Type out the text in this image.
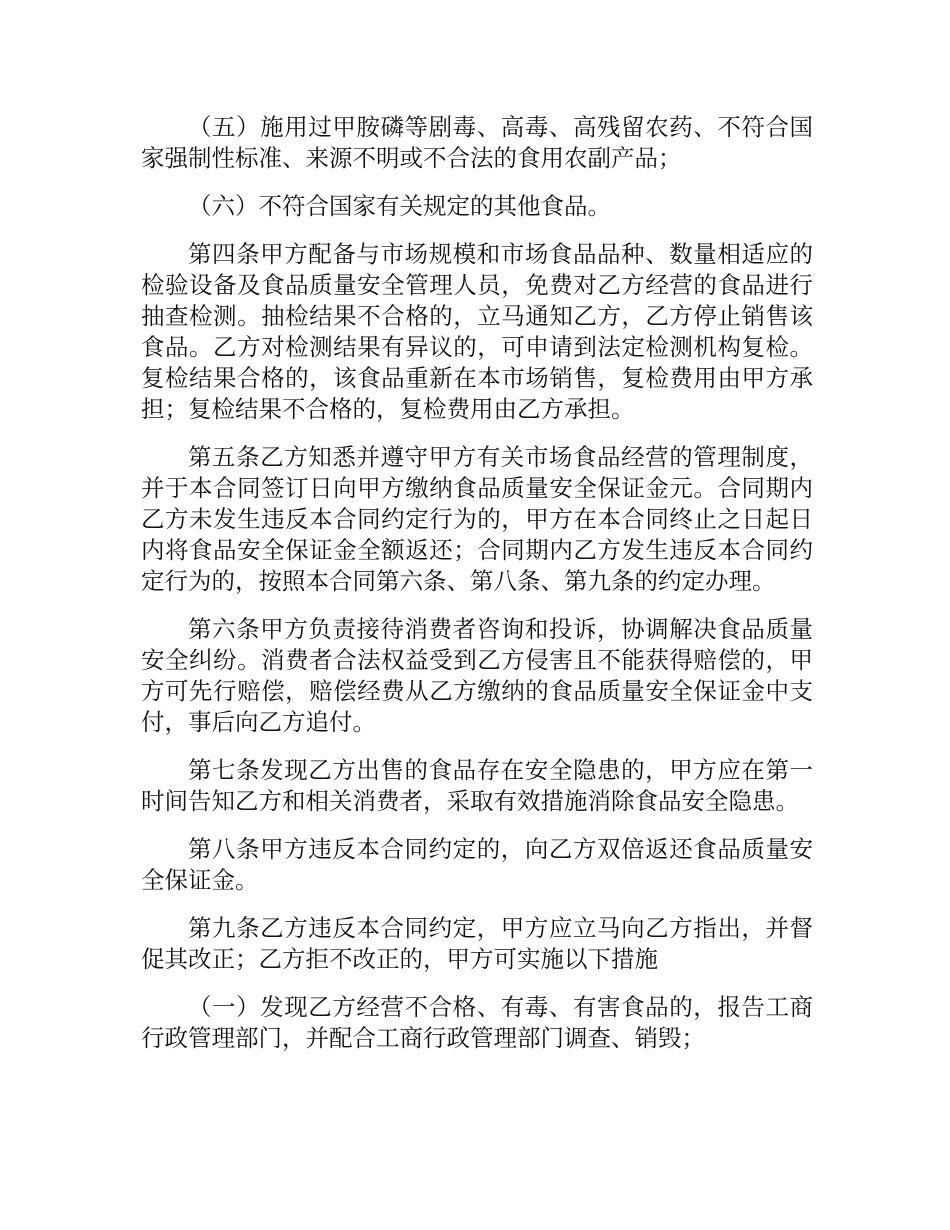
（五）施用过甲胺磷等剧毒、高毒、高残留农药、不符合国家强制性标准、来源不明或不合法的食用农副产品；

（六）不符合国家有关规定的其他食品。

第四条甲方配备与市场规模和市场食品品种、数量相适应的检验设备及食品质量安全管理人员，免费对乙方经营的食品进行抽查检测。抽检结果不合格的，立马通知乙方，乙方停止销售该食品。乙方对检测结果有异议的，可申请到法定检测机构复检。复检结果合格的，该食品重新在本市场销售，复检费用由甲方承担；复检结果不合格的，复检费用由乙方承担。

第五条乙方知悉并遵守甲方有关市场食品经营的管理制度，并于本合同签订日向甲方缴纳食品质量安全保证金元。合同期内乙方未发生违反本合同约定行为的，甲方在本合同终止之日起日内将食品安全保证金全额返还；合同期内乙方发生违反本合同约定行为的，按照本合同第六条、第八条、第九条的约定办理。

第六条甲方负责接待消费者咨询和投诉，协调解决食品质量安全纠纷。消费者合法权益受到乙方侵害且不能获得赔偿的，甲方可先行赔偿，赔偿经费从乙方缴纳的食品质量安全保证金中支付，事后向乙方追付。

第七条发现乙方出售的食品存在安全隐患的，甲方应在第一时间告知乙方和相关消费者，采取有效措施消除食品安全隐患。

第八条甲方违反本合同约定的，向乙方双倍返还食品质量安全保证金。

第九条乙方违反本合同约定，甲方应立马向乙方指出，并督促其改正；乙方拒不改正的，甲方可实施以下措施

（一）发现乙方经营不合格、有毒、有害食品的，报告工商行政管理部门，并配合工商行政管理部门调查、销毁；
